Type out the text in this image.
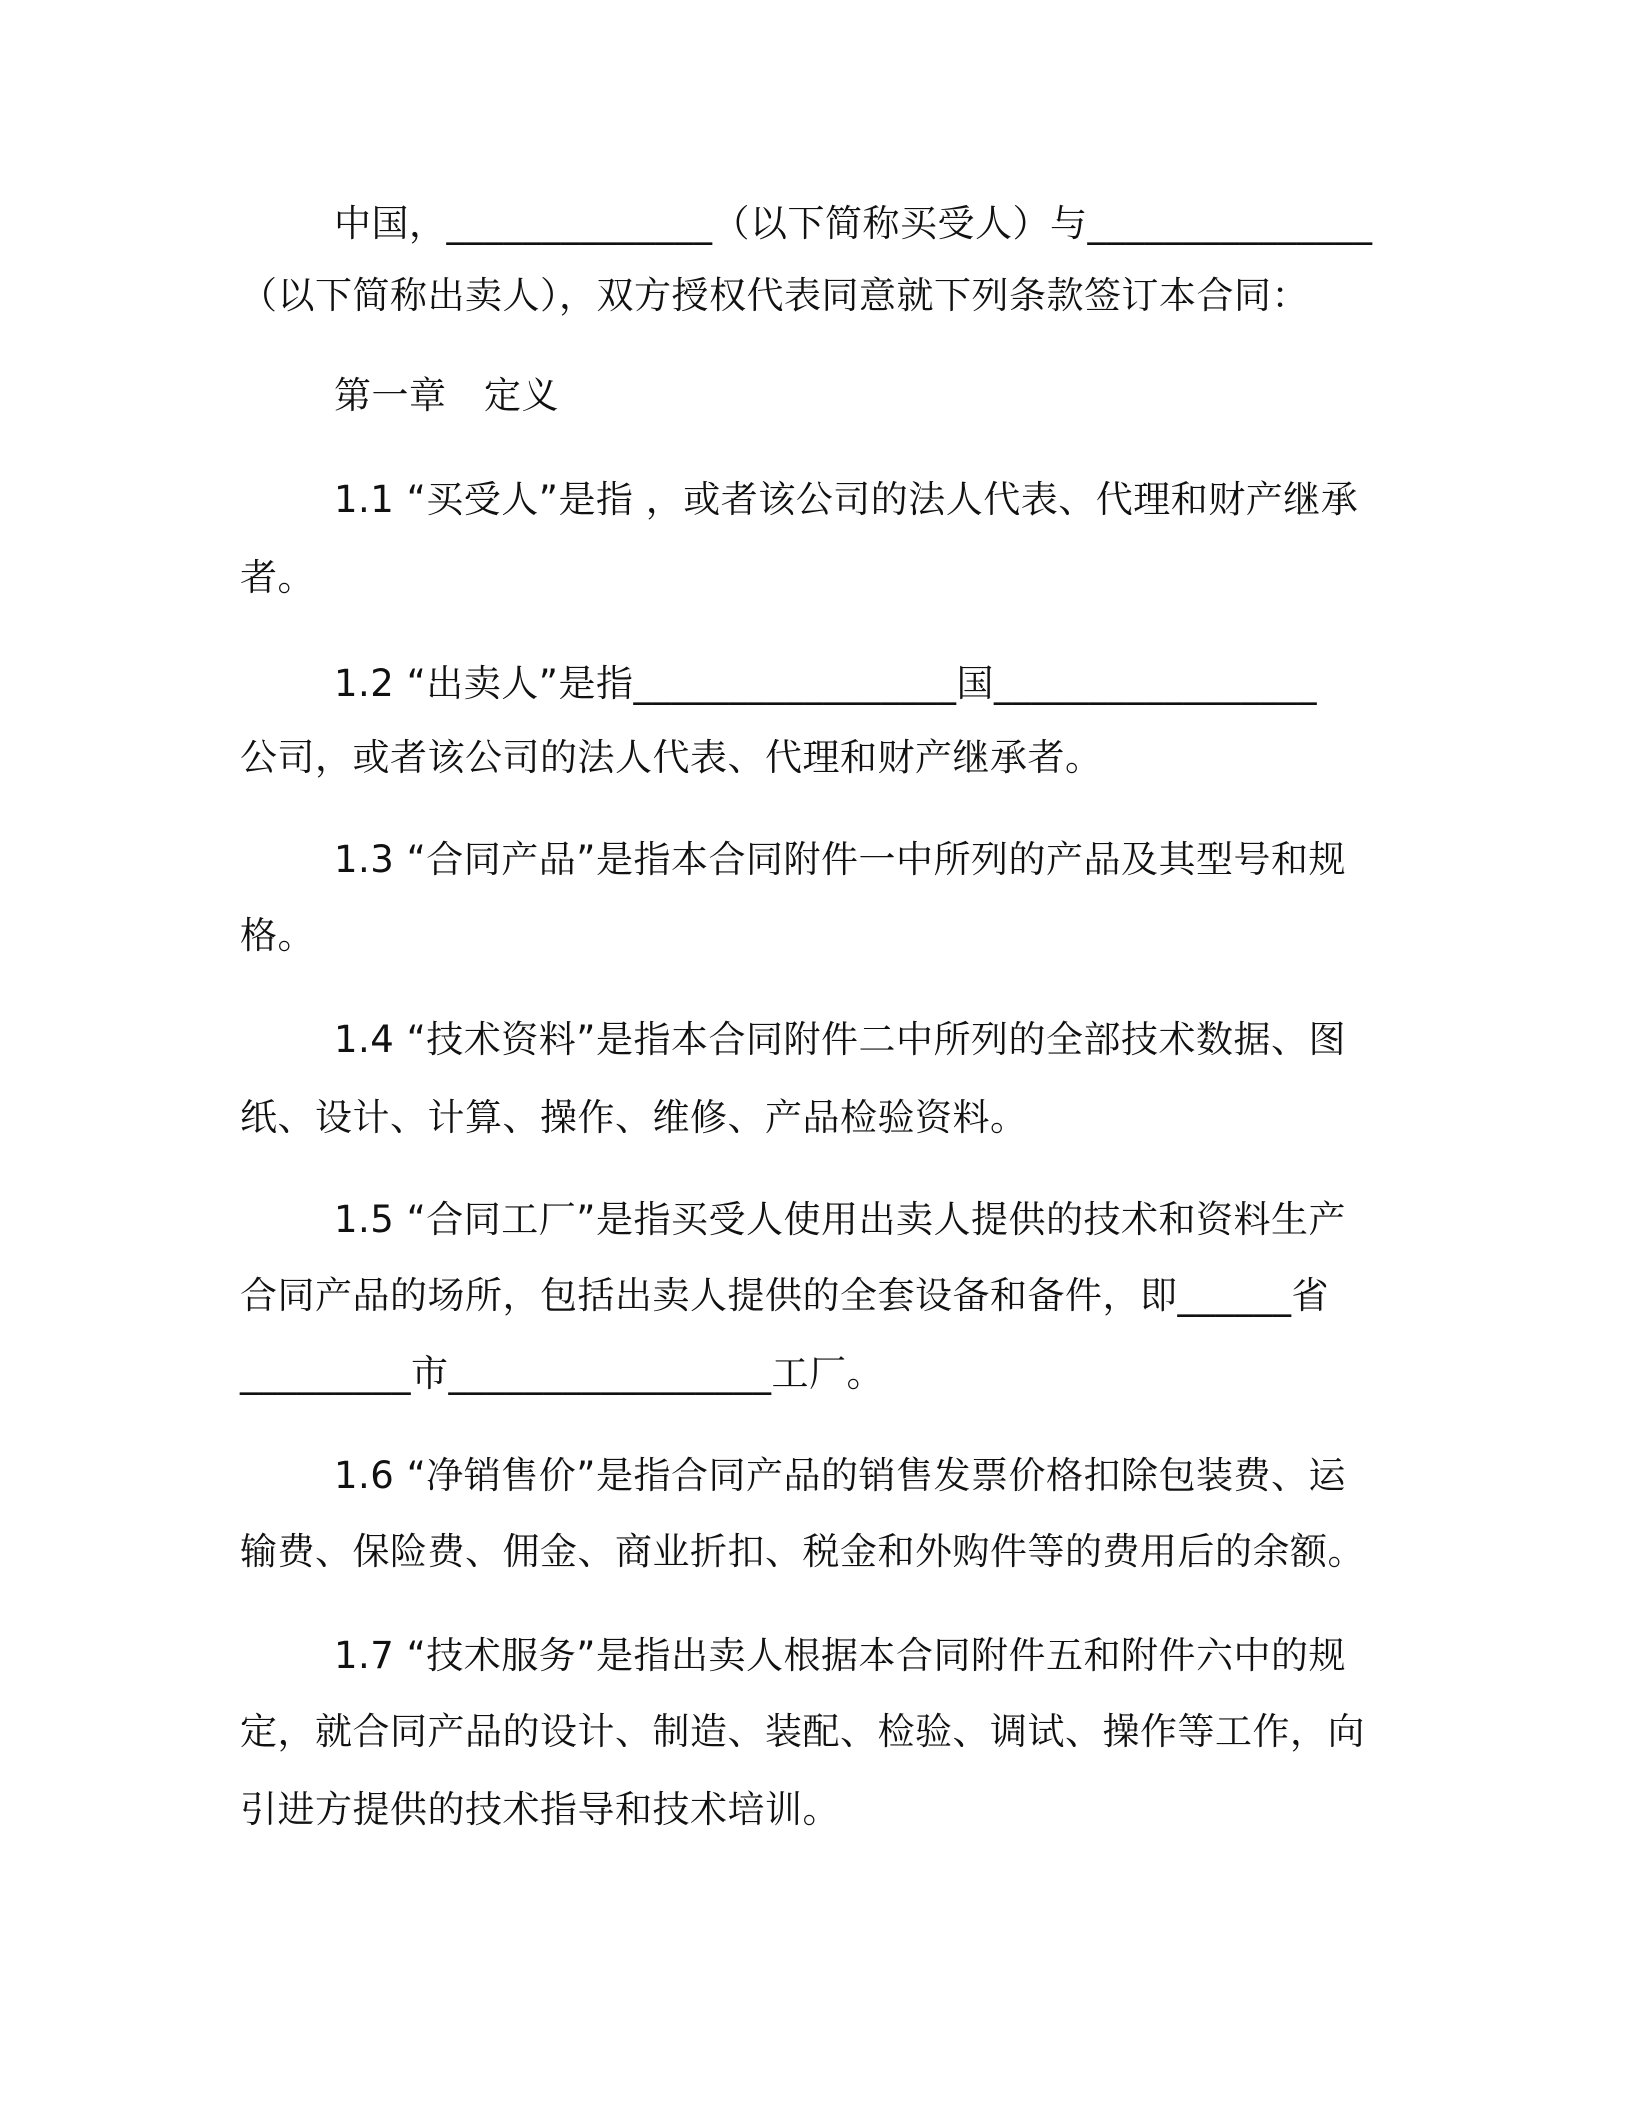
中国，______________（以下简称买受人）与_______________
（以下简称出卖人），双方授权代表同意就下列条款签订本合同：
第一章　定义
1.1 “买受人”是指 ，或者该公司的法人代表、代理和财产继承
者。
1.2 “出卖人”是指_________________国_________________
公司，或者该公司的法人代表、代理和财产继承者。
1.3 “合同产品”是指本合同附件一中所列的产品及其型号和规
格。
1.4 “技术资料”是指本合同附件二中所列的全部技术数据、图
纸、设计、计算、操作、维修、产品检验资料。
1.5 “合同工厂”是指买受人使用出卖人提供的技术和资料生产
合同产品的场所，包括出卖人提供的全套设备和备件，即______省
_________市_________________工厂。
1.6 “净销售价”是指合同产品的销售发票价格扣除包装费、运
输费、保险费、佣金、商业折扣、税金和外购件等的费用后的余额。
1.7 “技术服务”是指出卖人根据本合同附件五和附件六中的规
定，就合同产品的设计、制造、装配、检验、调试、操作等工作，向
引进方提供的技术指导和技术培训。
